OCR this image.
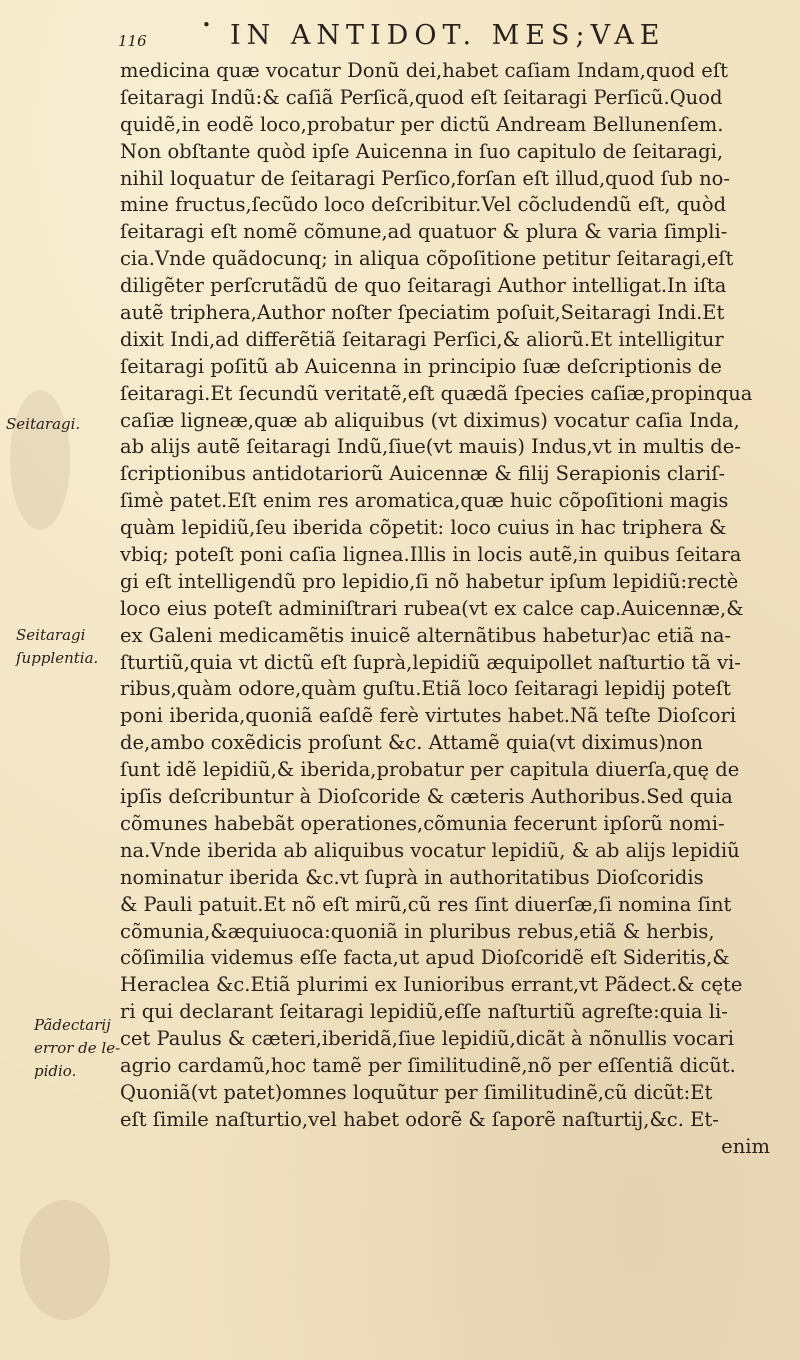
116
• IN ANTIDOT. MES;VAE
medicina quæ vocatur Donũ dei,habet caſiam Indam,quod eſt
ſeitaragi Indũ:& caſiã Perſicã,quod eſt ſeitaragi Perſicũ.Quod
quidẽ,in eodẽ loco,probatur per dictũ Andream Bellunenſem.
Non obſtante quòd ipſe Auicenna in ſuo capitulo de ſeitaragi,
nihil loquatur de ſeitaragi Perſico,forſan eſt illud,quod ſub no-
mine fructus,ſecũdo loco deſcribitur.Vel cõcludendũ eſt, quòd
ſeitaragi eſt nomẽ cõmune,ad quatuor & plura & varia ſimpli-
cia.Vnde quãdocunq; in aliqua cõpoſitione petitur ſeitaragi,eſt
diligẽter perſcrutãdũ de quo ſeitaragi Author intelligat.In iſta
autẽ triphera,Author noſter ſpeciatim poſuit,Seitaragi Indi.Et
dixit Indi,ad differẽtiã ſeitaragi Perſici,& aliorũ.Et intelligitur
ſeitaragi poſitũ ab Auicenna in principio ſuæ deſcriptionis de
ſeitaragi.Et ſecundũ veritatẽ,eſt quædã ſpecies caſiæ,propinqua
caſiæ ligneæ,quæ ab aliquibus (vt diximus) vocatur caſia Inda,
ab alijs autẽ ſeitaragi Indũ,ſiue(vt mauis) Indus,vt in multis de-
ſcriptionibus antidotariorũ Auicennæ & filij Serapionis clariſ-
ſimè patet.Eſt enim res aromatica,quæ huic cõpoſitioni magis
quàm lepidiũ,ſeu iberida cõpetit: loco cuius in hac triphera &
vbiq; poteſt poni caſia lignea.Illis in locis autẽ,in quibus ſeitara
gi eſt intelligendũ pro lepidio,ſi nõ habetur ipſum lepidiũ:rectè
loco eius poteſt adminiſtrari rubea(vt ex calce cap.Auicennæ,&
ex Galeni medicamẽtis inuicẽ alternãtibus habetur)ac etiã na-
ſturtiũ,quia vt dictũ eſt ſuprà,lepidiũ æquipollet naſturtio tã vi-
ribus,quàm odore,quàm guſtu.Etiã loco ſeitaragi lepidij poteſt
poni iberida,quoniã eaſdẽ ferè virtutes habet.Nã teſte Dioſcori
de,ambo coxẽdicis proſunt &c. Attamẽ quia(vt diximus)non
ſunt idẽ lepidiũ,& iberida,probatur per capitula diuerſa,quę de
ipſis deſcribuntur à Dioſcoride & cæteris Authoribus.Sed quia
cõmunes habebãt operationes,cõmunia fecerunt ipſorũ nomi-
na.Vnde iberida ab aliquibus vocatur lepidiũ, & ab alijs lepidiũ
nominatur iberida &c.vt ſuprà in authoritatibus Dioſcoridis
& Pauli patuit.Et nõ eſt mirũ,cũ res ſint diuerſæ,ſi nomina ſint
cõmunia,&æquiuoca:quoniã in pluribus rebus,etiã & herbis,
cõſimilia videmus eſſe facta,ut apud Dioſcoridẽ eſt Sideritis,&
Heraclea &c.Etiã plurimi ex Iunioribus errant,vt Pãdect.& cęte
ri qui declarant ſeitaragi lepidiũ,eſſe naſturtiũ agreſte:quia li-
cet Paulus & cæteri,iberidã,ſiue lepidiũ,dicãt à nõnullis vocari
agrio cardamũ,hoc tamẽ per ſimilitudinẽ,nõ per eſſentiã dicũt.
Quoniã(vt patet)omnes loquũtur per ſimilitudinẽ,cũ dicũt:Et
eſt ſimile naſturtio,vel habet odorẽ & ſaporẽ naſturtij,&c. Et-
enim
Seitaragi.
Seitaragi
ſupplentia.
Pãdectarij
error de le-
pidio.
